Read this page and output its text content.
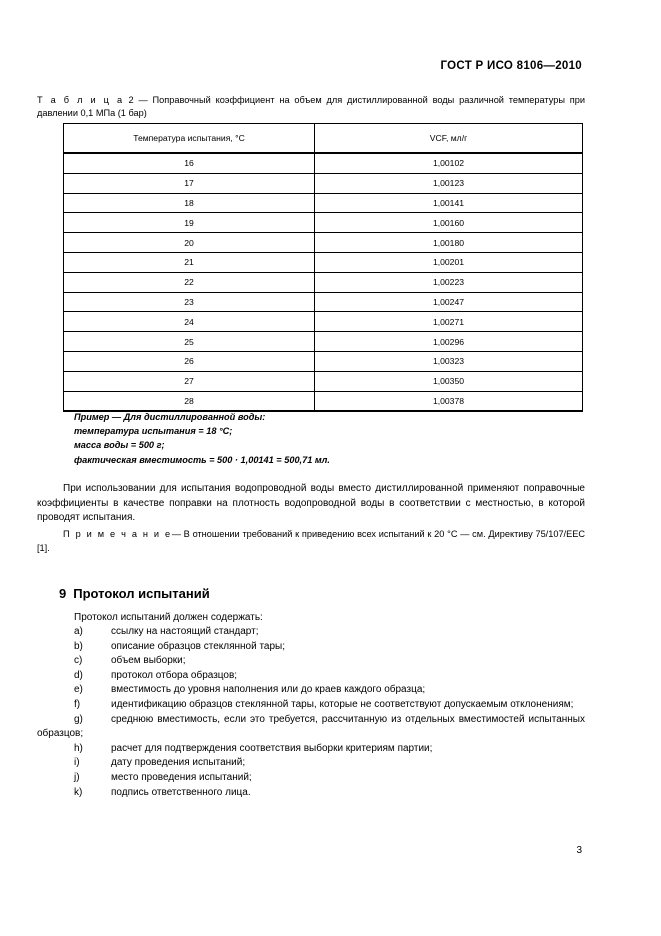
ГОСТ Р ИСО 8106—2010
Т а б л и ц а 2 — Поправочный коэффициент на объем для дистиллированной воды различной температуры при давлении 0,1 МПа (1 бар)
Температура испытания, °С	VCF, мл/г
16	1,00102
17	1,00123
18	1,00141
19	1,00160
20	1,00180
21	1,00201
22	1,00223
23	1,00247
24	1,00271
25	1,00296
26	1,00323
27	1,00350
28	1,00378
Пример — Для дистиллированной воды:
температура испытания = 18 °С;
масса воды = 500 г;
фактическая вместимость = 500 · 1,00141 = 500,71 мл.
При использовании для испытания водопроводной воды вместо дистиллированной применяют поправочные коэффициенты в качестве поправки на плотность водопроводной воды в соответствии с местностью, в которой проводят испытания.
П р и м е ч а н и е— В отношении требований к приведению всех испытаний к 20 °С — см. Директиву 75/107/ЕЕС [1].
9 Протокол испытаний
Протокол испытаний должен содержать:
a)	ссылку на настоящий стандарт;
b)	описание образцов стеклянной тары;
c)	объем выборки;
d)	протокол отбора образцов;
e)	вместимость до уровня наполнения или до краев каждого образца;
f)	идентификацию образцов стеклянной тары, которые не соответствуют допускаемым отклонениям;
g)	среднюю вместимость, если это требуется, рассчитанную из отдельных вместимостей испытанных образцов;
h)	расчет для подтверждения соответствия выборки критериям партии;
i)	дату проведения испытаний;
j)	место проведения испытаний;
k)	подпись ответственного лица.
3
